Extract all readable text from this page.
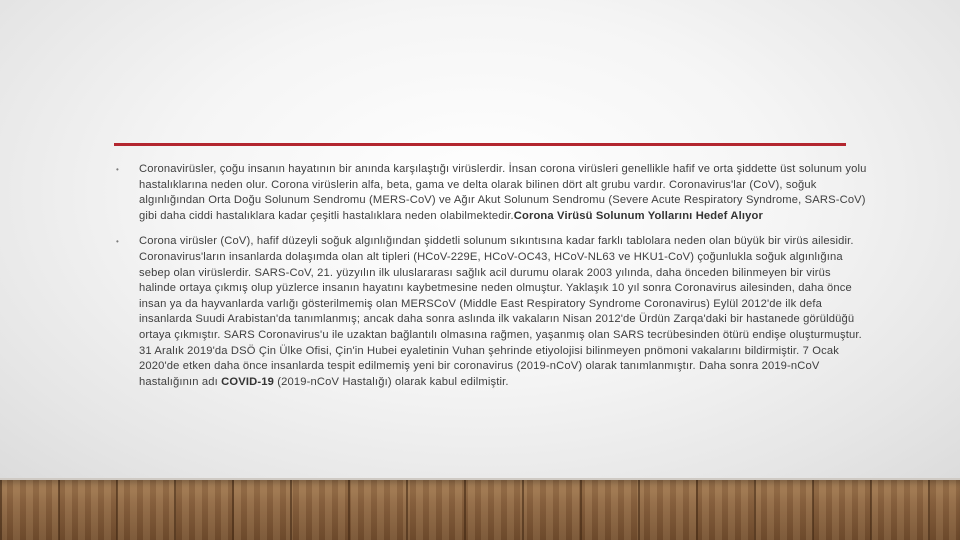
• Coronavirüsler, çoğu insanın hayatının bir anında karşılaştığı virüslerdir. İnsan corona virüsleri genellikle hafif ve orta şiddette üst solunum yolu hastalıklarına neden olur. Corona virüslerin alfa, beta, gama ve delta olarak bilinen dört alt grubu vardır. Coronavirus'lar (CoV), soğuk algınlığından Orta Doğu Solunum Sendromu (MERS-CoV) ve Ağır Akut Solunum Sendromu (Severe Acute Respiratory Syndrome, SARS-CoV) gibi daha ciddi hastalıklara kadar çeşitli hastalıklara neden olabilmektedir.Corona Virüsü Solunum Yollarını Hedef Alıyor
• Corona virüsler (CoV), hafif düzeyli soğuk algınlığından şiddetli solunum sıkıntısına kadar farklı tablolara neden olan büyük bir virüs ailesidir. Coronavirus'ların insanlarda dolaşımda olan alt tipleri (HCoV-229E, HCoV-OC43, HCoV-NL63 ve HKU1-CoV) çoğunlukla soğuk algınlığına sebep olan virüslerdir. SARS-CoV, 21. yüzyılın ilk uluslararası sağlık acil durumu olarak 2003 yılında, daha önceden bilinmeyen bir virüs halinde ortaya çıkmış olup yüzlerce insanın hayatını kaybetmesine neden olmuştur. Yaklaşık 10 yıl sonra Coronavirus ailesinden, daha önce insan ya da hayvanlarda varlığı gösterilmemiş olan MERSCoV (Middle East Respiratory Syndrome Coronavirus) Eylül 2012'de ilk defa insanlarda Suudi Arabistan'da tanımlanmış; ancak daha sonra aslında ilk vakaların Nisan 2012'de Ürdün Zarqa'daki bir hastanede görüldüğü ortaya çıkmıştır. SARS Coronavirus'u ile uzaktan bağlantılı olmasına rağmen, yaşanmış olan SARS tecrübesinden ötürü endişe oluşturmuştur. 31 Aralık 2019'da DSÖ Çin Ülke Ofisi, Çin'in Hubei eyaletinin Vuhan şehrinde etiyolojisi bilinmeyen pnömoni vakalarını bildirmiştir. 7 Ocak 2020'de etken daha önce insanlarda tespit edilmemiş yeni bir coronavirus (2019-nCoV) olarak tanımlanmıştır. Daha sonra 2019-nCoV hastalığının adı COVID-19 (2019-nCoV Hastalığı) olarak kabul edilmiştir.
